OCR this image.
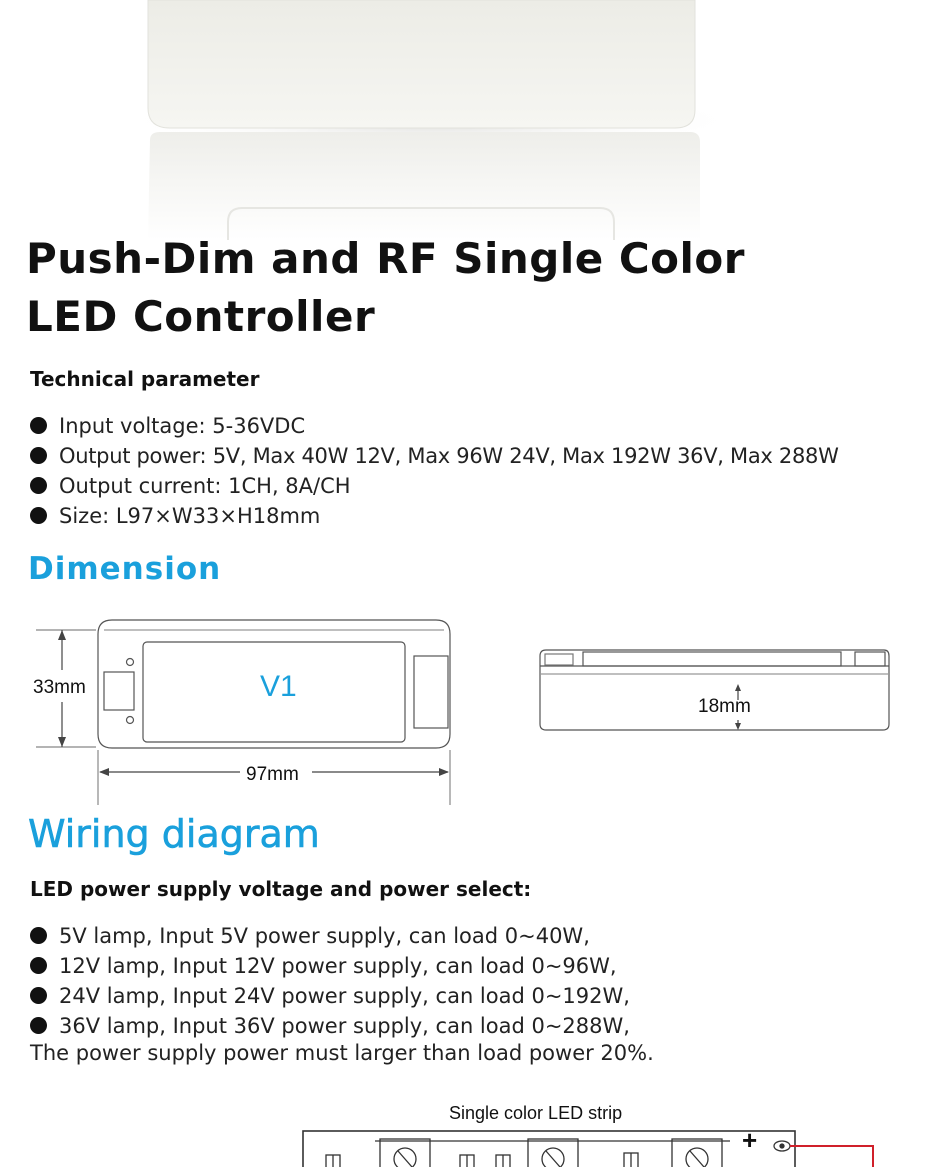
Push-Dim and RF Single Color
LED Controller
Technical parameter
Input voltage: 5-36VDC
Output power: 5V, Max 40W 12V, Max 96W 24V, Max 192W 36V, Max 288W
Output current: 1CH, 8A/CH
Size: L97×W33×H18mm
Dimension
33mm	V1
97mm
18mm
Wiring diagram
LED power supply voltage and power select:
5V lamp, Input 5V power supply, can load 0~40W,
12V lamp, Input 12V power supply, can load 0~96W,
24V lamp, Input 24V power supply, can load 0~192W,
36V lamp, Input 36V power supply, can load 0~288W,
The power supply power must larger than load power 20%.
Single color LED strip
+
